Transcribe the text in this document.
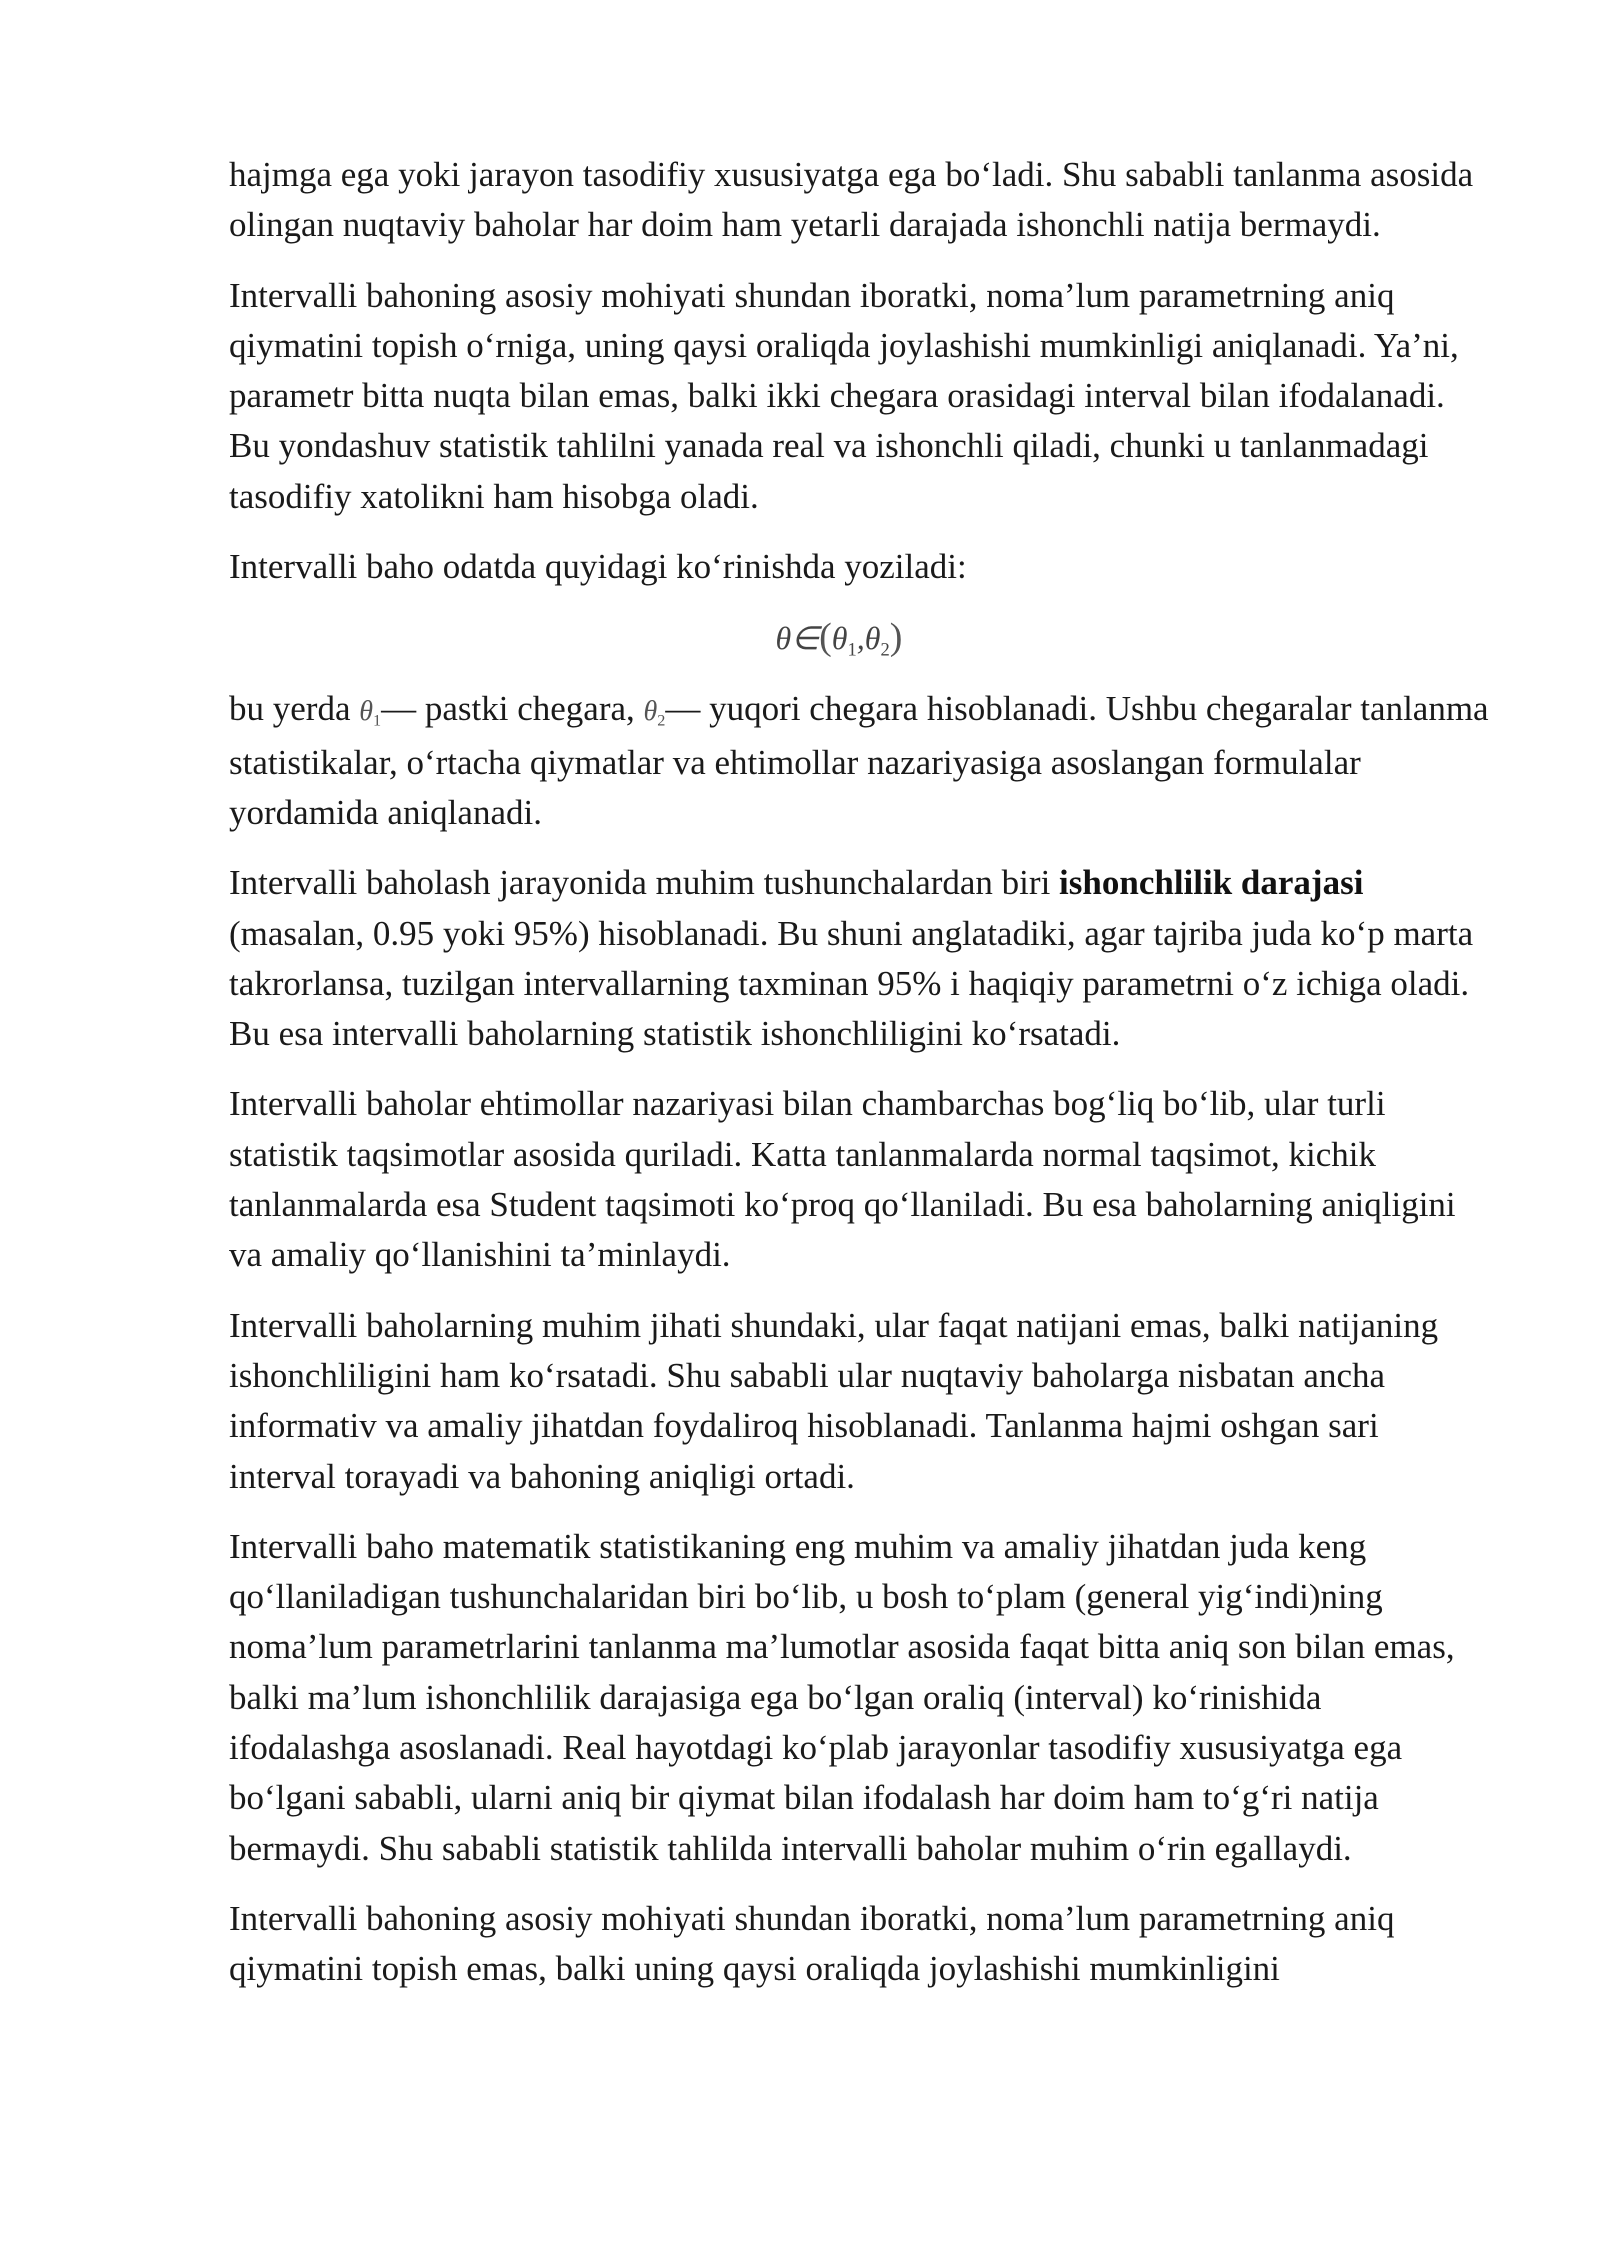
hajmga ega yoki jarayon tasodifiy xususiyatga ega bo‘ladi. Shu sababli tanlanma asosida olingan nuqtaviy baholar har doim ham yetarli darajada ishonchli natija bermaydi.

Intervalli bahoning asosiy mohiyati shundan iboratki, noma’lum parametrning aniq qiymatini topish o‘rniga, uning qaysi oraliqda joylashishi mumkinligi aniqlanadi. Ya’ni, parametr bitta nuqta bilan emas, balki ikki chegara orasidagi interval bilan ifodalanadi. Bu yondashuv statistik tahlilni yanada real va ishonchli qiladi, chunki u tanlanmadagi tasodifiy xatolikni ham hisobga oladi.

Intervalli baho odatda quyidagi ko‘rinishda yoziladi:

$\theta\in(\theta_1,\theta_2)$

bu yerda $\theta_1—$ pastki chegara, $\theta_2—$ yuqori chegara hisoblanadi. Ushbu chegaralar tanlanma statistikalar, o‘rtacha qiymatlar va ehtimollar nazariyasiga asoslangan formulalar yordamida aniqlanadi.

Intervalli baholash jarayonida muhim tushunchalardan biri ishonchlilik darajasi (masalan, 0.95 yoki 95%) hisoblanadi. Bu shuni anglatadiki, agar tajriba juda ko‘p marta takrorlansa, tuzilgan intervallarning taxminan 95% i haqiqiy parametrni o‘z ichiga oladi. Bu esa intervalli baholarning statistik ishonchliligini ko‘rsatadi.

Intervalli baholar ehtimollar nazariyasi bilan chambarchas bog‘liq bo‘lib, ular turli statistik taqsimotlar asosida quriladi. Katta tanlanmalarda normal taqsimot, kichik tanlanmalarda esa Student taqsimoti ko‘proq qo‘llaniladi. Bu esa baholarning aniqligini va amaliy qo‘llanishini ta’minlaydi.

Intervalli baholarning muhim jihati shundaki, ular faqat natijani emas, balki natijaning ishonchliligini ham ko‘rsatadi. Shu sababli ular nuqtaviy baholarga nisbatan ancha informativ va amaliy jihatdan foydaliroq hisoblanadi. Tanlanma hajmi oshgan sari interval torayadi va bahoning aniqligi ortadi.

Intervalli baho matematik statistikaning eng muhim va amaliy jihatdan juda keng qo‘llaniladigan tushunchalaridan biri bo‘lib, u bosh to‘plam (general yig‘indi)ning noma’lum parametrlarini tanlanma ma’lumotlar asosida faqat bitta aniq son bilan emas, balki ma’lum ishonchlilik darajasiga ega bo‘lgan oraliq (interval) ko‘rinishida ifodalashga asoslanadi. Real hayotdagi ko‘plab jarayonlar tasodifiy xususiyatga ega bo‘lgani sababli, ularni aniq bir qiymat bilan ifodalash har doim ham to‘g‘ri natija bermaydi. Shu sababli statistik tahlilda intervalli baholar muhim o‘rin egallaydi.

Intervalli bahoning asosiy mohiyati shundan iboratki, noma’lum parametrning aniq qiymatini topish emas, balki uning qaysi oraliqda joylashishi mumkinligini
